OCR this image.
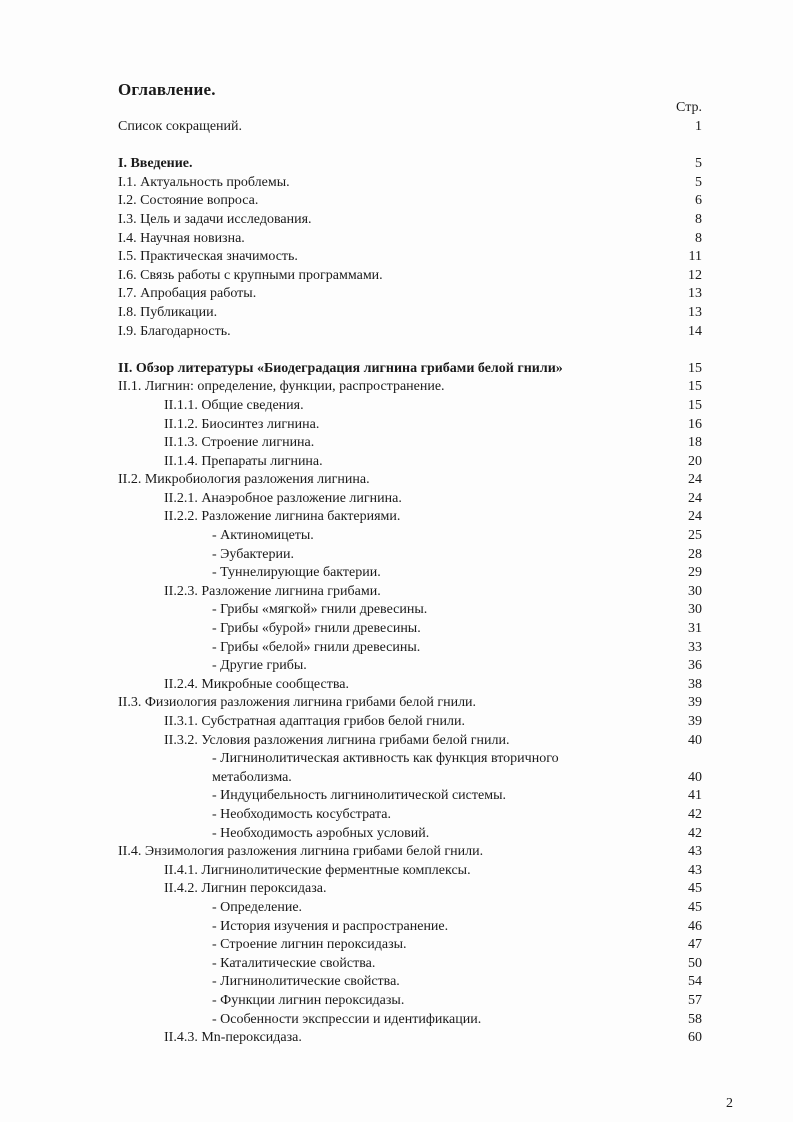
Оглавление.
Стр.
Список сокращений.	1
I. Введение.	5
I.1. Актуальность проблемы.	5
I.2. Состояние вопроса.	6
I.3. Цель и задачи исследования.	8
I.4. Научная новизна.	8
I.5. Практическая значимость.	11
I.6. Связь работы с крупными программами.	12
I.7. Апробация работы.	13
I.8. Публикации.	13
I.9. Благодарность.	14
II. Обзор литературы «Биодеградация лигнина грибами белой гнили»	15
II.1. Лигнин: определение, функции, распространение.	15
II.1.1. Общие сведения.	15
II.1.2. Биосинтез лигнина.	16
II.1.3. Строение лигнина.	18
II.1.4. Препараты лигнина.	20
II.2. Микробиология разложения лигнина.	24
II.2.1. Анаэробное разложение лигнина.	24
II.2.2. Разложение лигнина бактериями.	24
- Актиномицеты.	25
- Эубактерии.	28
- Туннелирующие бактерии.	29
II.2.3. Разложение лигнина грибами.	30
- Грибы «мягкой» гнили древесины.	30
- Грибы «бурой» гнили древесины.	31
- Грибы «белой» гнили древесины.	33
- Другие грибы.	36
II.2.4. Микробные сообщества.	38
II.3. Физиология разложения лигнина грибами белой гнили.	39
II.3.1. Субстратная адаптация грибов белой гнили.	39
II.3.2. Условия разложения лигнина грибами белой гнили.	40
- Лигнинолитическая активность как функция вторичного
метаболизма.	40
- Индуцибельность лигнинолитической системы.	41
- Необходимость косубстрата.	42
- Необходимость аэробных условий.	42
II.4. Энзимология разложения лигнина грибами белой гнили.	43
II.4.1. Лигнинолитические ферментные комплексы.	43
II.4.2. Лигнин пероксидаза.	45
- Определение.	45
- История изучения и распространение.	46
- Строение лигнин пероксидазы.	47
- Каталитические свойства.	50
- Лигнинолитические свойства.	54
- Функции лигнин пероксидазы.	57
- Особенности экспрессии и идентификации.	58
II.4.3. Mn-пероксидаза.	60
2
